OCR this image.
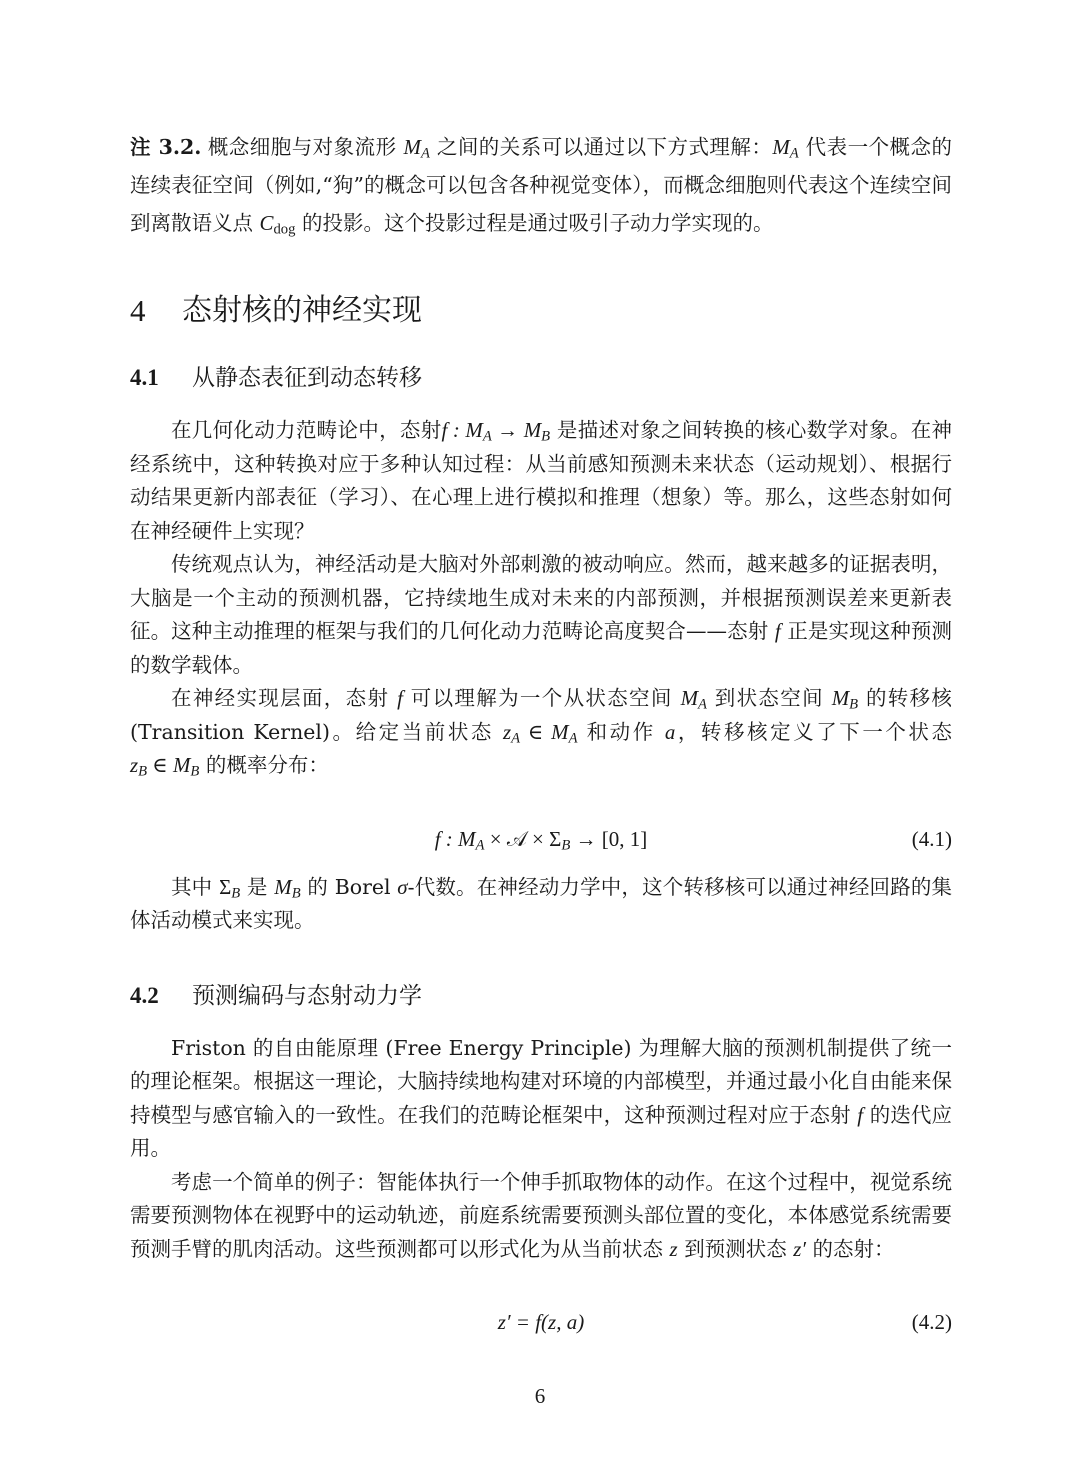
注 3.2. 概念细胞与对象流形 $M_A$ 之间的关系可以通过以下方式理解：$M_A$ 代表一个概念的连续表征空间（例如,“狗”的概念可以包含各种视觉变体），而概念细胞则代表这个连续空间到离散语义点 $C_{dog}$ 的投影。这个投影过程是通过吸引子动力学实现的。

4	态射核的神经实现
4.1	从静态表征到动态转移

在几何化动力范畴论中，态射f : $M_A \to M_B$ 是描述对象之间转换的核心数学对象。在神经系统中，这种转换对应于多种认知过程：从当前感知预测未来状态（运动规划）、根据行动结果更新内部表征（学习）、在心理上进行模拟和推理（想象）等。那么，这些态射如何在神经硬件上实现？

传统观点认为，神经活动是大脑对外部刺激的被动响应。然而，越来越多的证据表明，大脑是一个主动的预测机器，它持续地生成对未来的内部预测，并根据预测误差来更新表征。这种主动推理的框架与我们的几何化动力范畴论高度契合——态射 f 正是实现这种预测的数学载体。

在神经实现层面，态射 f 可以理解为一个从状态空间 $M_A$ 到状态空间 $M_B$ 的转移核 (Transition Kernel)。给定当前状态 $z_A$ ∈ $M_A$ 和动作 a，转移核定义了下一个状态 $z_B$ ∈ $M_B$ 的概率分布：

f : $M_A$ × 𝒜 × $\Sigma_B \to [0$, 1]	(4.1)

其中 $\Sigma_B$ 是 $M_B$ 的 Borel σ-代数。在神经动力学中，这个转移核可以通过神经回路的集体活动模式来实现。

4.2	预测编码与态射动力学

Friston 的自由能原理 (Free Energy Principle) 为理解大脑的预测机制提供了统一的理论框架。根据这一理论，大脑持续地构建对环境的内部模型，并通过最小化自由能来保持模型与感官输入的一致性。在我们的范畴论框架中，这种预测过程对应于态射 f 的迭代应用。

考虑一个简单的例子：智能体执行一个伸手抓取物体的动作。在这个过程中，视觉系统需要预测物体在视野中的运动轨迹，前庭系统需要预测头部位置的变化，本体感觉系统需要预测手臂的肌肉活动。这些预测都可以形式化为从当前状态 z 到预测状态 z′ 的态射：

z′ = f(z, a)	(4.2)
6
